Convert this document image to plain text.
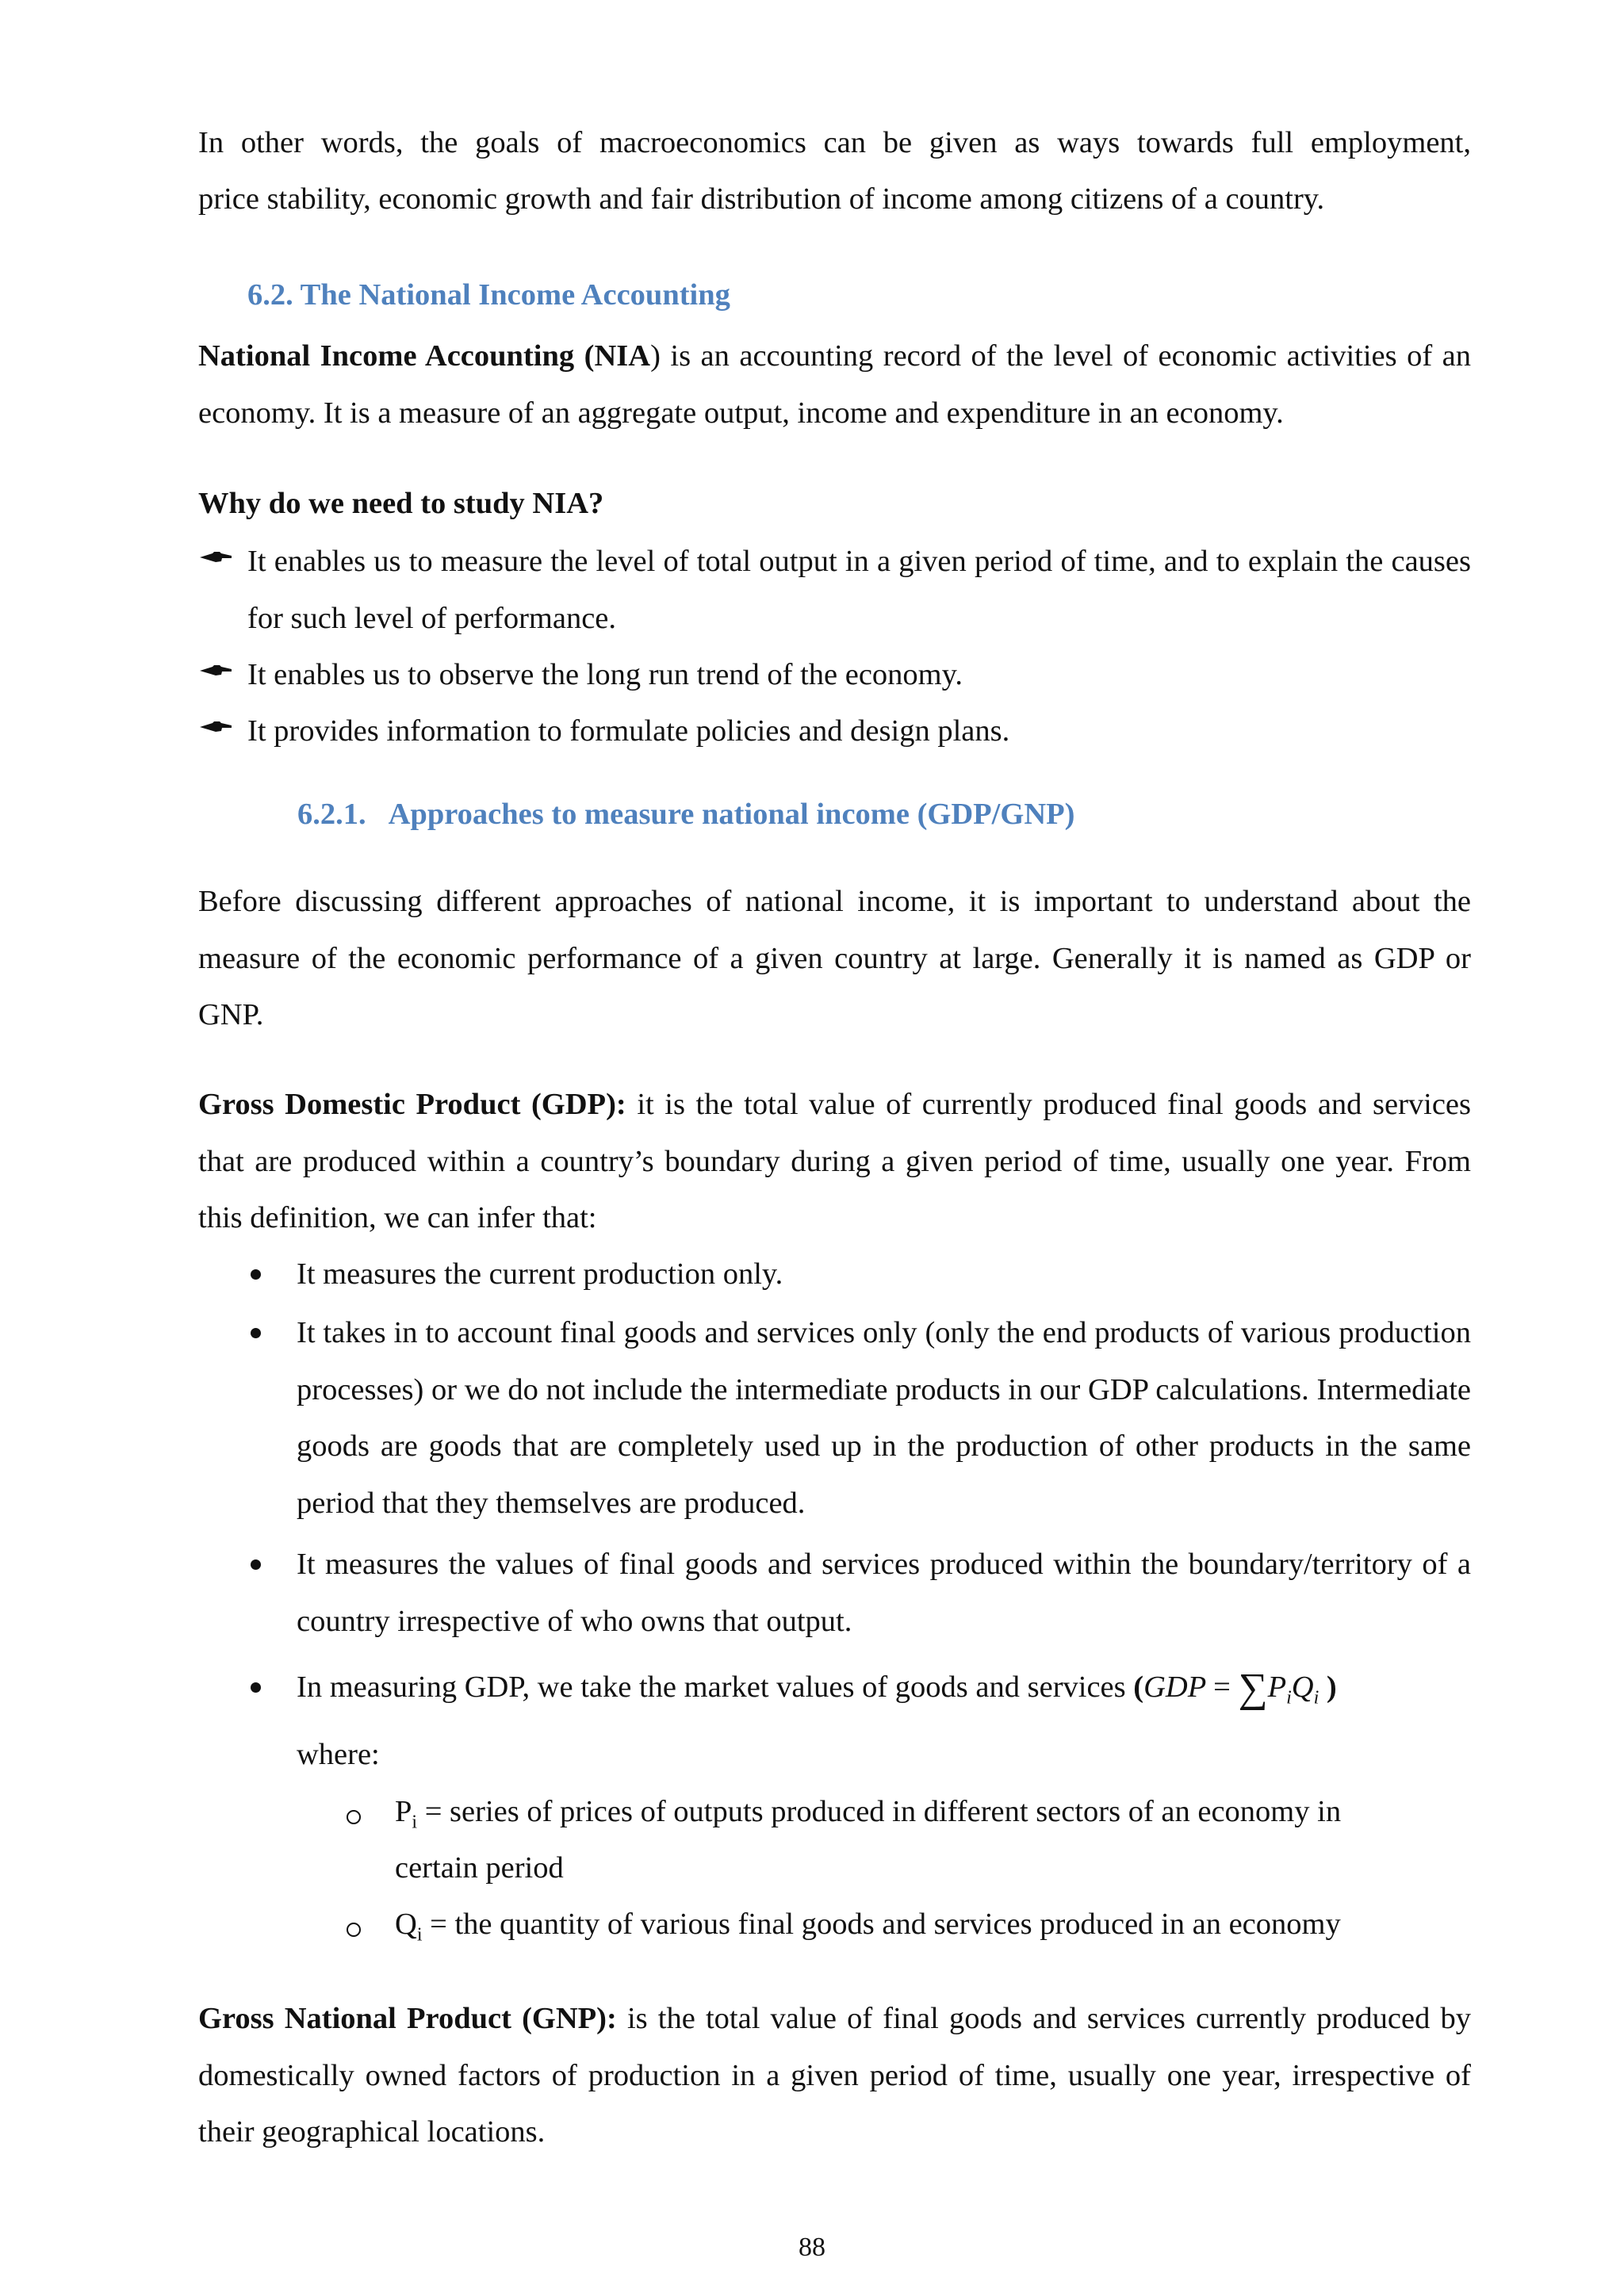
In other words, the goals of macroeconomics can be given as ways towards full employment,
price stability, economic growth and fair distribution of income among citizens of a country.
6.2. The National Income Accounting

National Income Accounting (NIA) is an accounting record of the level of economic activities of an economy. It is a measure of an aggregate output, income and expenditure in an economy.

Why do we need to study NIA?

It enables us to measure the level of total output in a given period of time, and to explain the causes for such level of performance.

It enables us to observe the long run trend of the economy.
It provides information to formulate policies and design plans.
6.2.1. Approaches to measure national income (GDP/GNP)

Before discussing different approaches of national income, it is important to understand about the measure of the economic performance of a given country at large. Generally it is named as GDP or GNP.

Gross Domestic Product (GDP): it is the total value of currently produced final goods and services that are produced within a country’s boundary during a given period of time, usually one year. From this definition, we can infer that:

It measures the current production only.

It takes in to account final goods and services only (only the end products of various production processes) or we do not include the intermediate products in our GDP calculations. Intermediate goods are goods that are completely used up in the production of other products in the same period that they themselves are produced.

It measures the values of final goods and services produced within the boundary/territory of a country irrespective of who owns that output.

In measuring GDP, we take the market values of goods and services ($GDP = \sum P_iQ_i$ )
where:
$P_i$ = series of prices of outputs produced in different sectors of an economy in
certain period
$Q_i$ = the quantity of various final goods and services produced in an economy

Gross National Product (GNP): is the total value of final goods and services currently produced by domestically owned factors of production in a given period of time, usually one year, irrespective of their geographical locations.

88
